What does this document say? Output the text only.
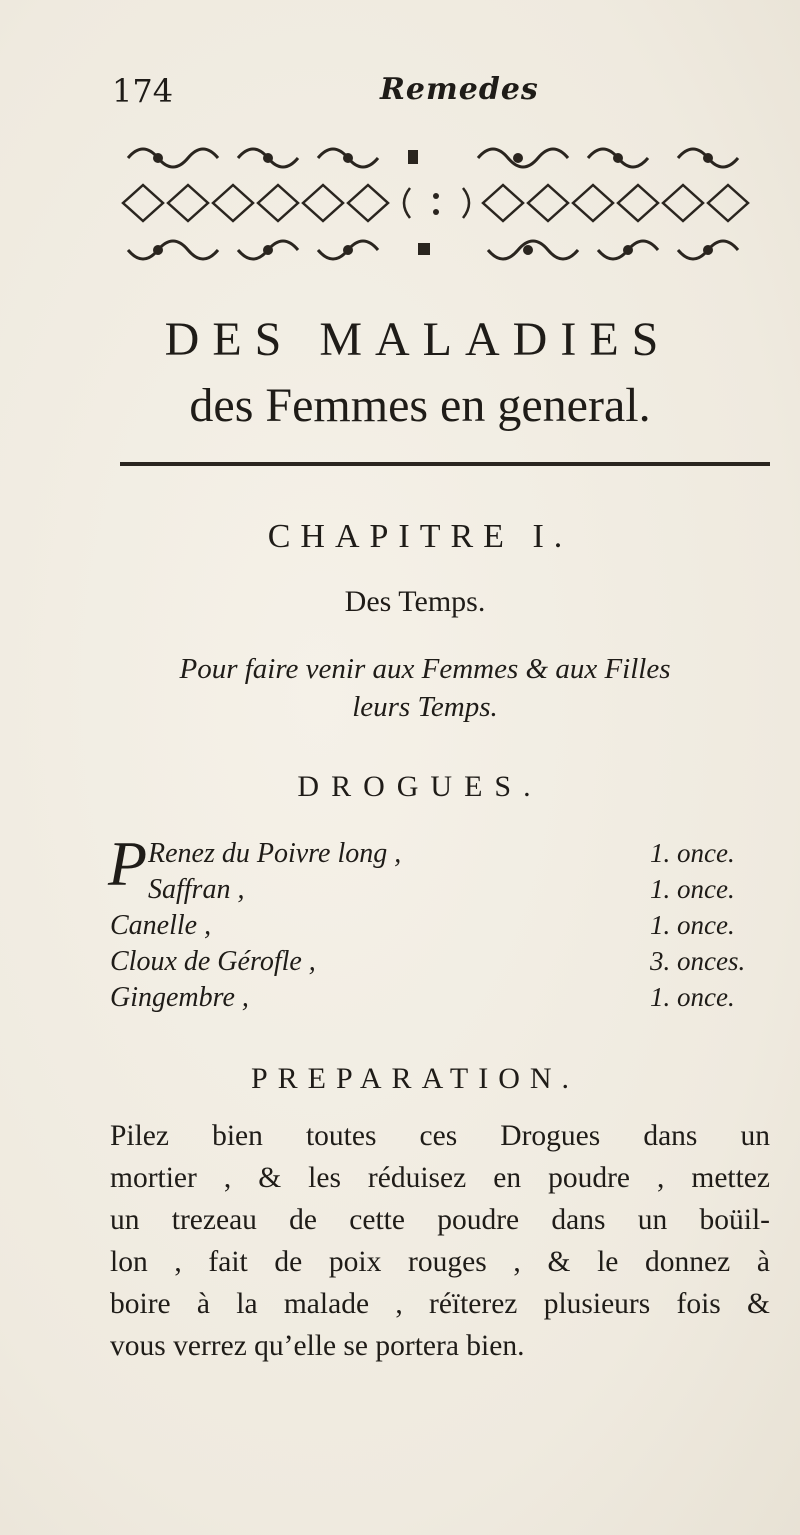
174	Remedes
DES MALADIES
des Femmes en general.
CHAPITRE I.
Des Temps.
Pour faire venir aux Femmes & aux Filles
leurs Temps.
DROGUES.
P Renez du Poivre long ,	1. once.
Saffran ,	1. once.
Canelle ,	1. once.
Cloux de Gérofle ,	3. onces.
Gingembre ,	1. once.
PREPARATION.
Pilez bien toutes ces Drogues dans un
mortier , & les réduisez en poudre , mettez
un trezeau de cette poudre dans un boüil-
lon , fait de poix rouges , & le donnez à
boire à la malade , réïterez plusieurs fois &
vous verrez qu’elle se portera bien.
